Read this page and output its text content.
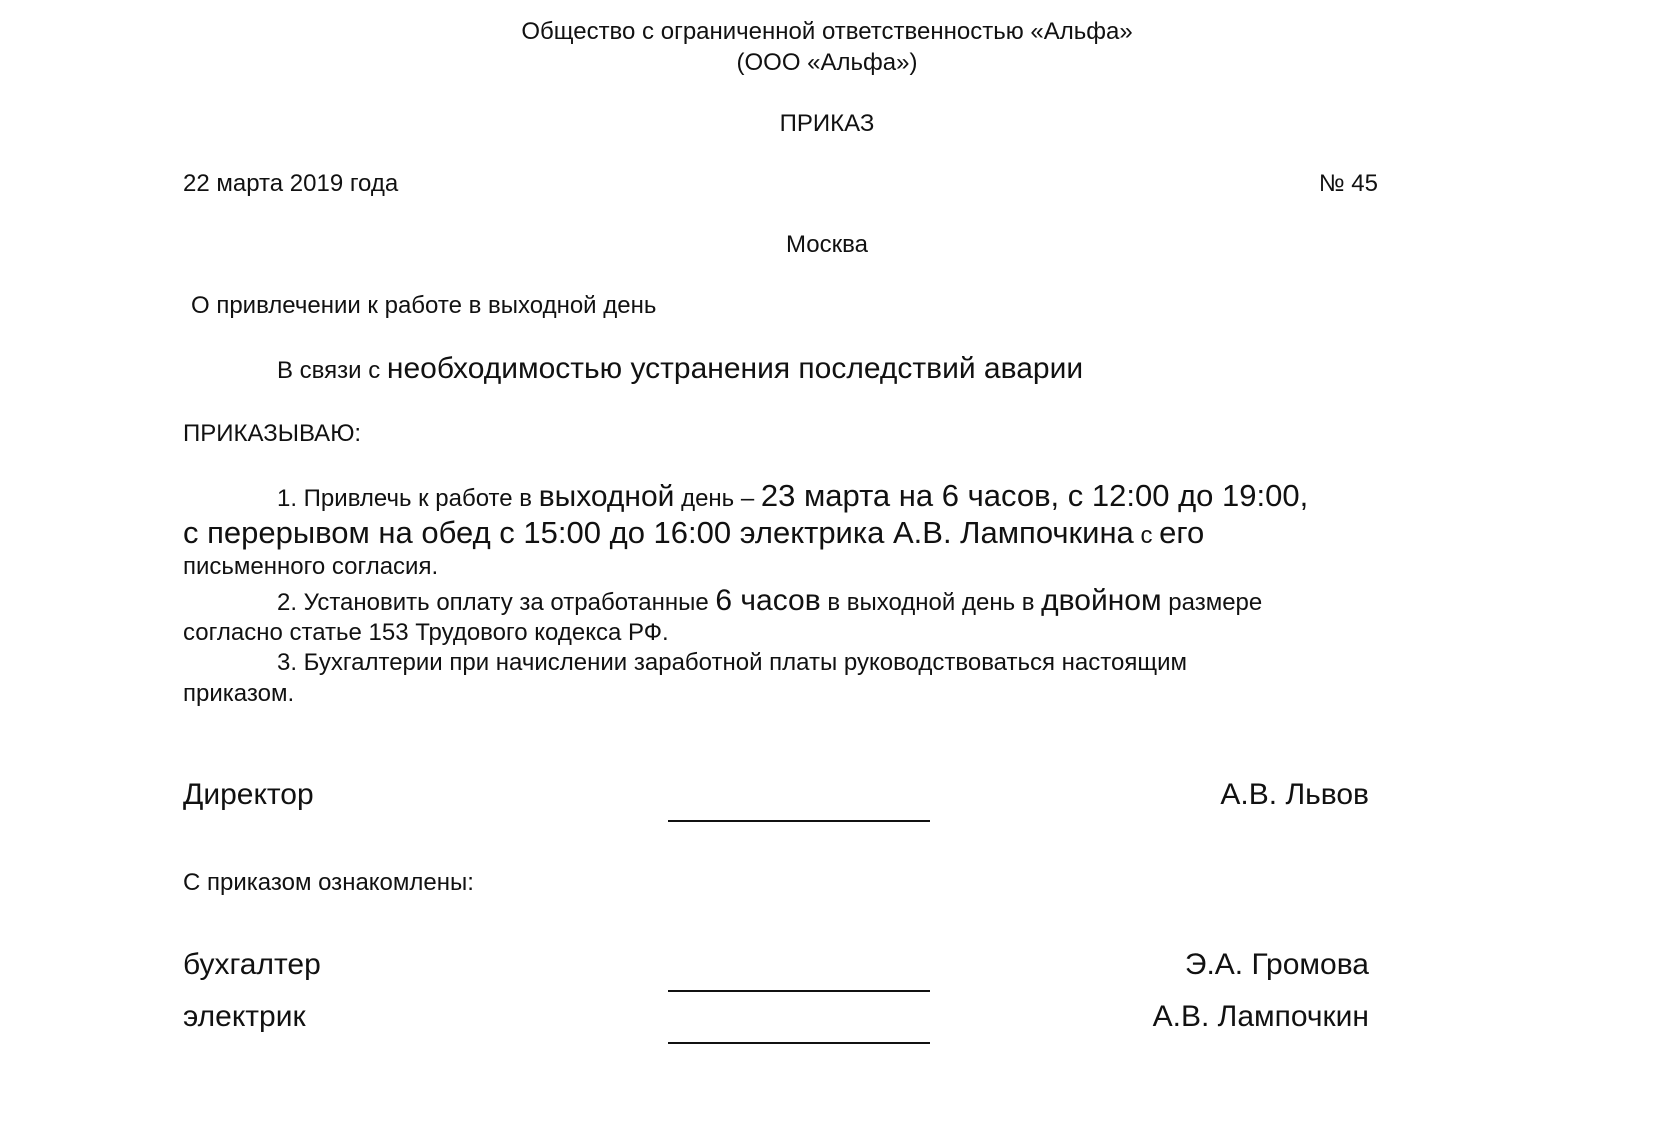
Общество с ограниченной ответственностью «Альфа»
(ООО «Альфа»)
ПРИКАЗ
22 марта 2019 года	№ 45
Москва
О привлечении к работе в выходной день
В связи с необходимостью устранения последствий аварии
ПРИКАЗЫВАЮ:
1. Привлечь к работе в выходной день – 23 марта на 6 часов, с 12:00 до 19:00,
с перерывом на обед с 15:00 до 16:00 электрика А.В. Лампочкина с его
письменного согласия.
2. Установить оплату за отработанные 6 часов в выходной день в двойном размере
согласно статье 153 Трудового кодекса РФ.
3. Бухгалтерии при начислении заработной платы руководствоваться настоящим
приказом.
Директор	А.В. Львов
С приказом ознакомлены:
бухгалтер	Э.А. Громова
электрик	А.В. Лампочкин
